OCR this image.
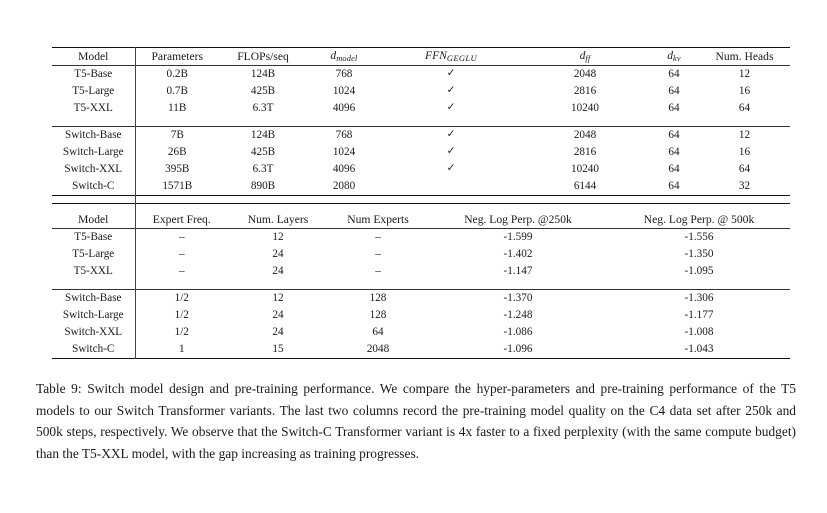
Model	Parameters	FLOPs/seq	$d_{model}$	FFNGEGLU	$d_{ff}$	$d_{kv}$	Num. Heads
T5-Base	0.2B	124B	768	✓	2048	64	12
T5-Large	0.7B	425B	1024	✓	2816	64	16
T5-XXL	11B	6.3T	4096	✓	10240	64	64

Switch-Base	7B	124B	768	✓	2048	64	12
Switch-Large	26B	425B	1024	✓	2816	64	16
Switch-XXL	395B	6.3T	4096	✓	10240	64	64
Switch-C	1571B	890B	2080		6144	64	32

Model	Expert Freq.	Num. Layers	Num Experts	Neg. Log Perp. @250k	Neg. Log Perp. @ 500k
T5-Base	–	12	–	-1.599	-1.556
T5-Large	–	24	–	-1.402	-1.350
T5-XXL	–	24	–	-1.147	-1.095

Switch-Base	1/2	12	128	-1.370	-1.306
Switch-Large	1/2	24	128	-1.248	-1.177
Switch-XXL	1/2	24	64	-1.086	-1.008
Switch-C	1	15	2048	-1.096	-1.043

Table 9: Switch model design and pre-training performance. We compare the hyper-parameters and pre-training performance of the T5 models to our Switch Transformer variants. The last two columns record the pre-training model quality on the C4 data set after 250k and 500k steps, respectively. We observe that the Switch-C Transformer variant is 4x faster to a fixed perplexity (with the same compute budget) than the T5-XXL model, with the gap increasing as training progresses.
